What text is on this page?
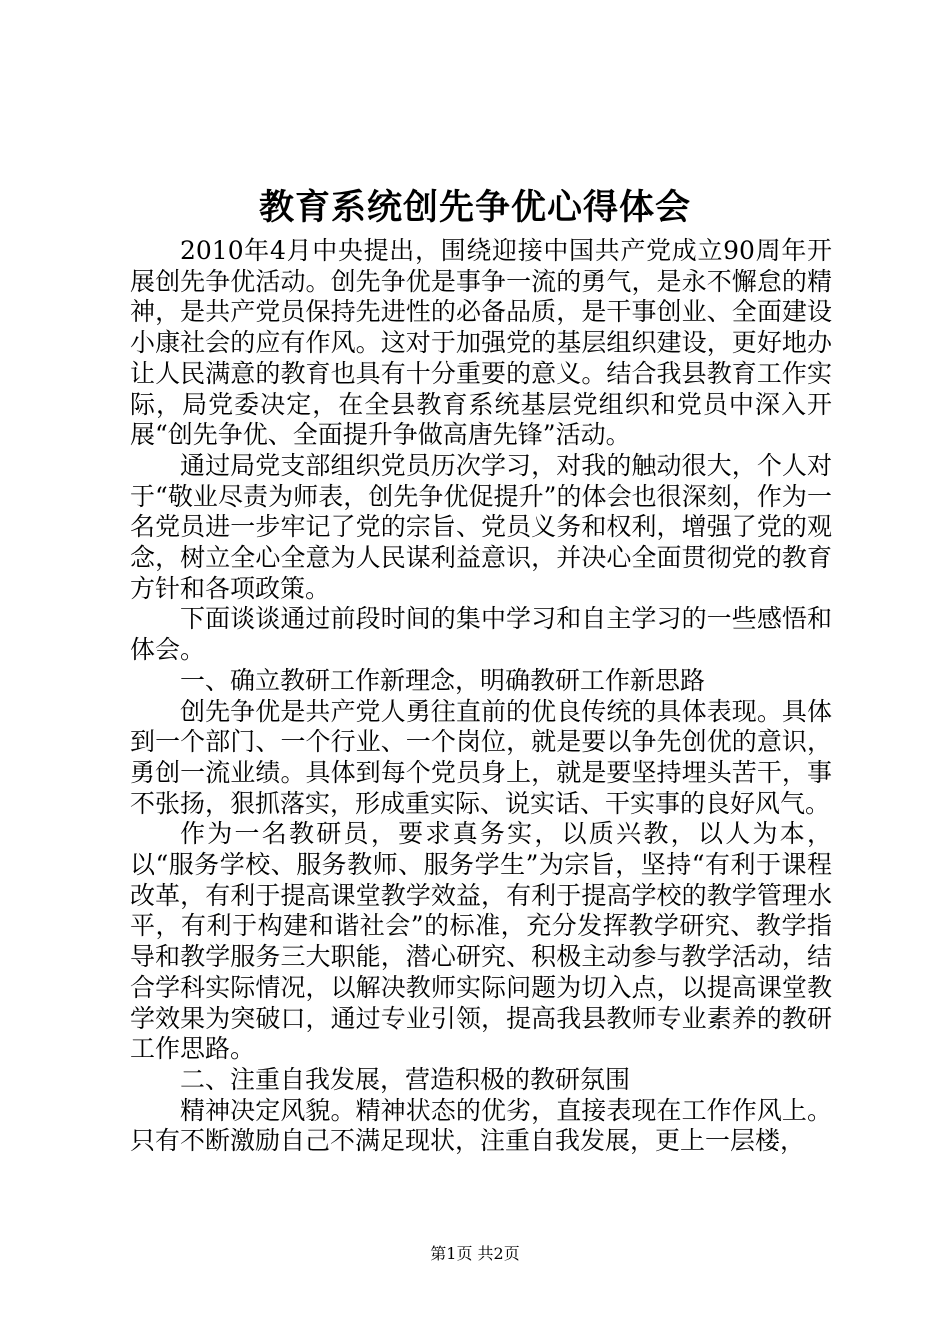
教育系统创先争优心得体会

2010年4月中央提出，围绕迎接中国共产党成立90周年开展创先争优活动。创先争优是事争一流的勇气，是永不懈怠的精神，是共产党员保持先进性的必备品质，是干事创业、全面建设小康社会的应有作风。这对于加强党的基层组织建设，更好地办让人民满意的教育也具有十分重要的意义。结合我县教育工作实际，局党委决定，在全县教育系统基层党组织和党员中深入开展“创先争优、全面提升争做高唐先锋”活动。

通过局党支部组织党员历次学习，对我的触动很大，个人对于“敬业尽责为师表，创先争优促提升”的体会也很深刻，作为一名党员进一步牢记了党的宗旨、党员义务和权利，增强了党的观念，树立全心全意为人民谋利益意识，并决心全面贯彻党的教育方针和各项政策。

下面谈谈通过前段时间的集中学习和自主学习的一些感悟和体会。

一、确立教研工作新理念，明确教研工作新思路

创先争优是共产党人勇往直前的优良传统的具体表现。具体到一个部门、一个行业、一个岗位，就是要以争先创优的意识，勇创一流业绩。具体到每个党员身上，就是要坚持埋头苦干，事不张扬，狠抓落实，形成重实际、说实话、干实事的良好风气。

作为一名教研员，要求真务实，以质兴教，以人为本，以“服务学校、服务教师、服务学生”为宗旨，坚持“有利于课程改革，有利于提高课堂教学效益，有利于提高学校的教学管理水平，有利于构建和谐社会”的标准，充分发挥教学研究、教学指导和教学服务三大职能，潜心研究、积极主动参与教学活动，结合学科实际情况，以解决教师实际问题为切入点，以提高课堂教学效果为突破口，通过专业引领，提高我县教师专业素养的教研工作思路。

二、注重自我发展，营造积极的教研氛围

精神决定风貌。精神状态的优劣，直接表现在工作作风上。只有不断激励自己不满足现状，注重自我发展，更上一层楼，

第1页 共2页
